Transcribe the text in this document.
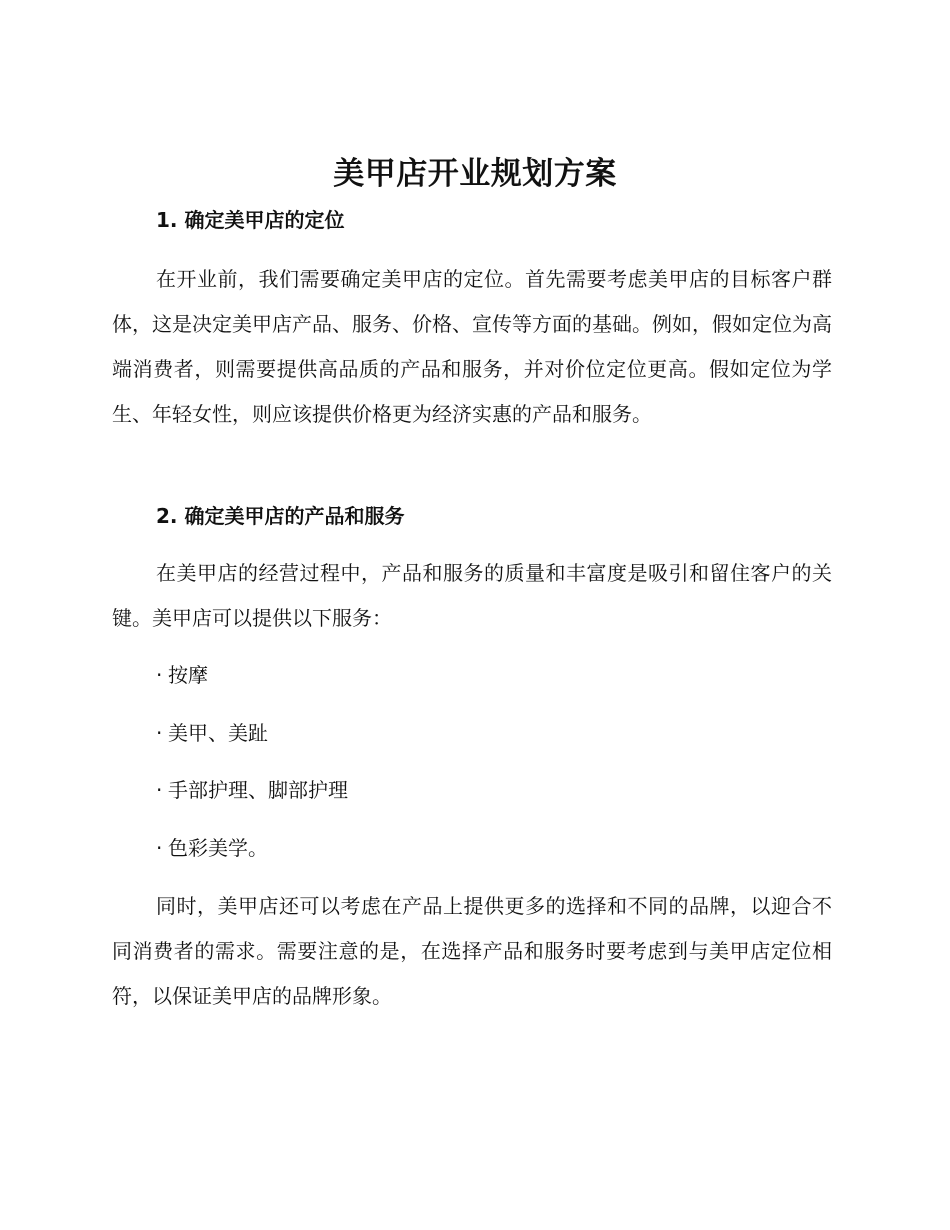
美甲店开业规划方案
1. 确定美甲店的定位

在开业前，我们需要确定美甲店的定位。首先需要考虑美甲店的目标客户群体，这是决定美甲店产品、服务、价格、宣传等方面的基础。例如，假如定位为高端消费者，则需要提供高品质的产品和服务，并对价位定位更高。假如定位为学生、年轻女性，则应该提供价格更为经济实惠的产品和服务。

2. 确定美甲店的产品和服务

在美甲店的经营过程中，产品和服务的质量和丰富度是吸引和留住客户的关键。美甲店可以提供以下服务：

· 按摩
· 美甲、美趾
· 手部护理、脚部护理
· 色彩美学。

同时，美甲店还可以考虑在产品上提供更多的选择和不同的品牌，以迎合不同消费者的需求。需要注意的是，在选择产品和服务时要考虑到与美甲店定位相符，以保证美甲店的品牌形象。
